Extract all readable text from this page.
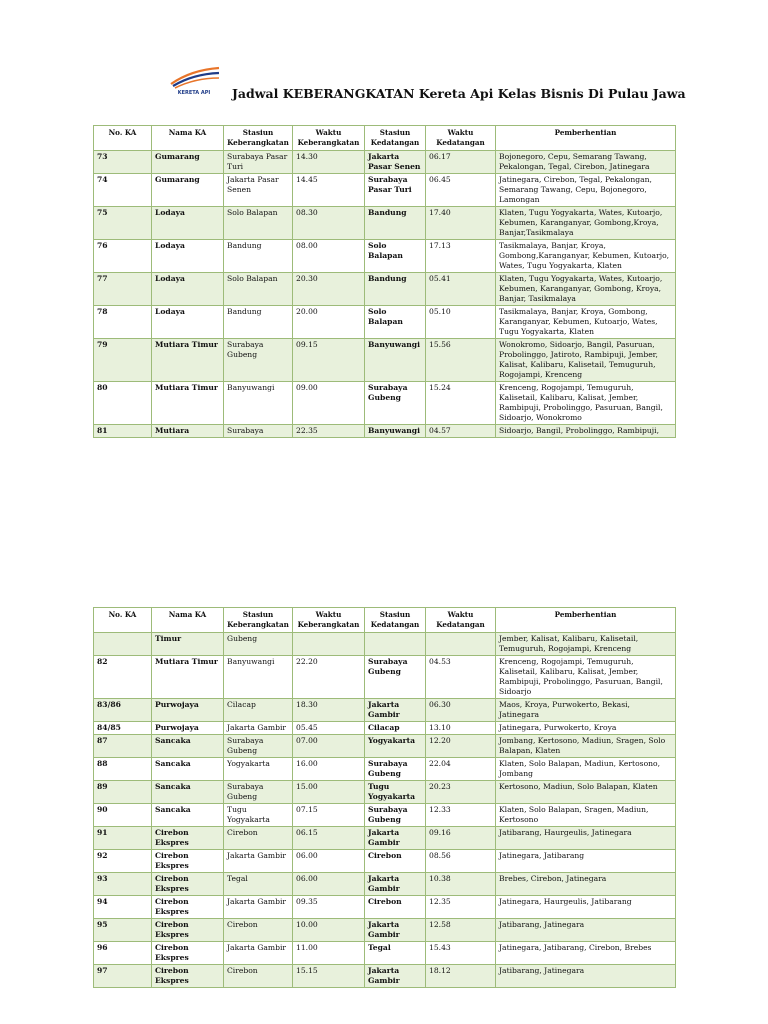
KERETA API Jadwal KEBERANGKATAN Kereta Api Kelas Bisnis Di Pulau Jawa
No. KA	Nama KA	Stasiun Keberangkatan	Waktu Keberangkatan	Stasiun Kedatangan	Waktu Kedatangan	Pemberhentian
73	Gumarang	Surabaya Pasar Turi	14.30	Jakarta Pasar Senen	06.17	Bojonegoro, Cepu, Semarang Tawang, Pekalongan, Tegal, Cirebon, Jatinegara
74	Gumarang	Jakarta Pasar Senen	14.45	Surabaya Pasar Turi	06.45	Jatinegara, Cirebon, Tegal, Pekalongan, Semarang Tawang, Cepu, Bojonegoro, Lamongan
75	Lodaya	Solo Balapan	08.30	Bandung	17.40	Klaten, Tugu Yogyakarta, Wates, Kutoarjo, Kebumen, Karanganyar, Gombong,Kroya, Banjar,Tasikmalaya
76	Lodaya	Bandung	08.00	Solo Balapan	17.13	Tasikmalaya, Banjar, Kroya, Gombong,Karanganyar, Kebumen, Kutoarjo, Wates, Tugu Yogyakarta, Klaten
77	Lodaya	Solo Balapan	20.30	Bandung	05.41	Klaten, Tugu Yogyakarta, Wates, Kutoarjo, Kebumen, Karanganyar, Gombong, Kroya, Banjar, Tasikmalaya
78	Lodaya	Bandung	20.00	Solo Balapan	05.10	Tasikmalaya, Banjar, Kroya, Gombong, Karanganyar, Kebumen, Kutoarjo, Wates, Tugu Yogyakarta, Klaten
79	Mutiara Timur	Surabaya Gubeng	09.15	Banyuwangi	15.56	Wonokromo, Sidoarjo, Bangil, Pasuruan, Probolinggo, Jatiroto, Rambipuji, Jember, Kalisat, Kalibaru, Kalisetail, Temuguruh, Rogojampi, Krenceng
80	Mutiara Timur	Banyuwangi	09.00	Surabaya Gubeng	15.24	Krenceng, Rogojampi, Temuguruh, Kalisetail, Kalibaru, Kalisat, Jember, Rambipuji, Probolinggo, Pasuruan, Bangil, Sidoarjo, Wonokromo
81	Mutiara	Surabaya	22.35	Banyuwangi	04.57	Sidoarjo, Bangil, Probolinggo, Rambipuji,
No. KA	Nama KA	Stasiun Keberangkatan	Waktu Keberangkatan	Stasiun Kedatangan	Waktu Kedatangan	Pemberhentian
	Timur	Gubeng				Jember, Kalisat, Kalibaru, Kalisetail, Temuguruh, Rogojampi, Krenceng
82	Mutiara Timur	Banyuwangi	22.20	Surabaya Gubeng	04.53	Krenceng, Rogojampi, Temuguruh, Kalisetail, Kalibaru, Kalisat, Jember, Rambipuji, Probolinggo, Pasuruan, Bangil, Sidoarjo
83/86	Purwojaya	Cilacap	18.30	Jakarta Gambir	06.30	Maos, Kroya, Purwokerto, Bekasi, Jatinegara
84/85	Purwojaya	Jakarta Gambir	05.45	Cilacap	13.10	Jatinegara, Purwokerto, Kroya
87	Sancaka	Surabaya Gubeng	07.00	Yogyakarta	12.20	Jombang, Kertosono, Madiun, Sragen, Solo Balapan, Klaten
88	Sancaka	Yogyakarta	16.00	Surabaya Gubeng	22.04	Klaten, Solo Balapan, Madiun, Kertosono, Jombang
89	Sancaka	Surabaya Gubeng	15.00	Tugu Yogyakarta	20.23	Kertosono, Madiun, Solo Balapan, Klaten
90	Sancaka	Tugu Yogyakarta	07.15	Surabaya Gubeng	12.33	Klaten, Solo Balapan, Sragen, Madiun, Kertosono
91	Cirebon Ekspres	Cirebon	06.15	Jakarta Gambir	09.16	Jatibarang, Haurgeulis, Jatinegara
92	Cirebon Ekspres	Jakarta Gambir	06.00	Cirebon	08.56	Jatinegara, Jatibarang
93	Cirebon Ekspres	Tegal	06.00	Jakarta Gambir	10.38	Brebes, Cirebon, Jatinegara
94	Cirebon Ekspres	Jakarta Gambir	09.35	Cirebon	12.35	Jatinegara, Haurgeulis, Jatibarang
95	Cirebon Ekspres	Cirebon	10.00	Jakarta Gambir	12.58	Jatibarang, Jatinegara
96	Cirebon Ekspres	Jakarta Gambir	11.00	Tegal	15.43	Jatinegara, Jatibarang, Cirebon, Brebes
97	Cirebon Ekspres	Cirebon	15.15	Jakarta Gambir	18.12	Jatibarang, Jatinegara
